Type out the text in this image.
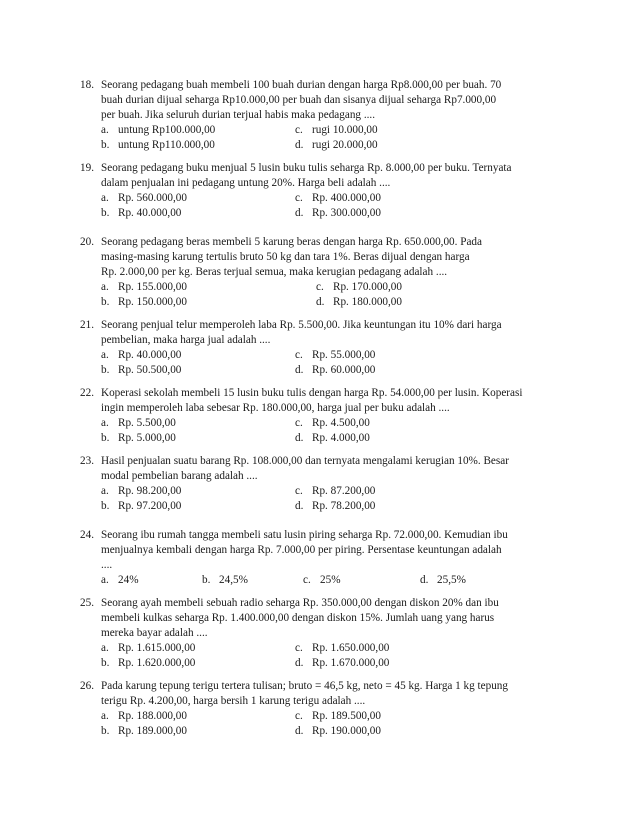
18. Seorang pedagang buah membeli 100 buah durian dengan harga Rp8.000,00 per buah. 70
buah durian dijual seharga Rp10.000,00 per buah dan sisanya dijual seharga Rp7.000,00
per buah. Jika seluruh durian terjual habis maka pedagang ....
a. untung Rp100.000,00	c. rugi 10.000,00
b. untung Rp110.000,00	d. rugi 20.000,00
19. Seorang pedagang buku menjual 5 lusin buku tulis seharga Rp. 8.000,00 per buku. Ternyata
dalam penjualan ini pedagang untung 20%. Harga beli adalah ....
a. Rp. 560.000,00	c. Rp. 400.000,00
b. Rp. 40.000,00	d. Rp. 300.000,00
20. Seorang pedagang beras membeli 5 karung beras dengan harga Rp. 650.000,00. Pada
masing-masing karung tertulis bruto 50 kg dan tara 1%. Beras dijual dengan harga
Rp. 2.000,00 per kg. Beras terjual semua, maka kerugian pedagang adalah ....
a. Rp. 155.000,00	c. Rp. 170.000,00
b. Rp. 150.000,00	d. Rp. 180.000,00
21. Seorang penjual telur memperoleh laba Rp. 5.500,00. Jika keuntungan itu 10% dari harga
pembelian, maka harga jual adalah ....
a. Rp. 40.000,00	c. Rp. 55.000,00
b. Rp. 50.500,00	d. Rp. 60.000,00
22. Koperasi sekolah membeli 15 lusin buku tulis dengan harga Rp. 54.000,00 per lusin. Koperasi
ingin memperoleh laba sebesar Rp. 180.000,00, harga jual per buku adalah ....
a. Rp. 5.500,00	c. Rp. 4.500,00
b. Rp. 5.000,00	d. Rp. 4.000,00
23. Hasil penjualan suatu barang Rp. 108.000,00 dan ternyata mengalami kerugian 10%. Besar
modal pembelian barang adalah ....
a. Rp. 98.200,00	c. Rp. 87.200,00
b. Rp. 97.200,00	d. Rp. 78.200,00
24. Seorang ibu rumah tangga membeli satu lusin piring seharga Rp. 72.000,00. Kemudian ibu
menjualnya kembali dengan harga Rp. 7.000,00 per piring. Persentase keuntungan adalah
....
a. 24%	b. 24,5%	c. 25%	d. 25,5%
25. Seorang ayah membeli sebuah radio seharga Rp. 350.000,00 dengan diskon 20% dan ibu
membeli kulkas seharga Rp. 1.400.000,00 dengan diskon 15%. Jumlah uang yang harus
mereka bayar adalah ....
a. Rp. 1.615.000,00	c. Rp. 1.650.000,00
b. Rp. 1.620.000,00	d. Rp. 1.670.000,00
26. Pada karung tepung terigu tertera tulisan; bruto = 46,5 kg, neto = 45 kg. Harga 1 kg tepung
terigu Rp. 4.200,00, harga bersih 1 karung terigu adalah ....
a. Rp. 188.000,00	c. Rp. 189.500,00
b. Rp. 189.000,00	d. Rp. 190.000,00
